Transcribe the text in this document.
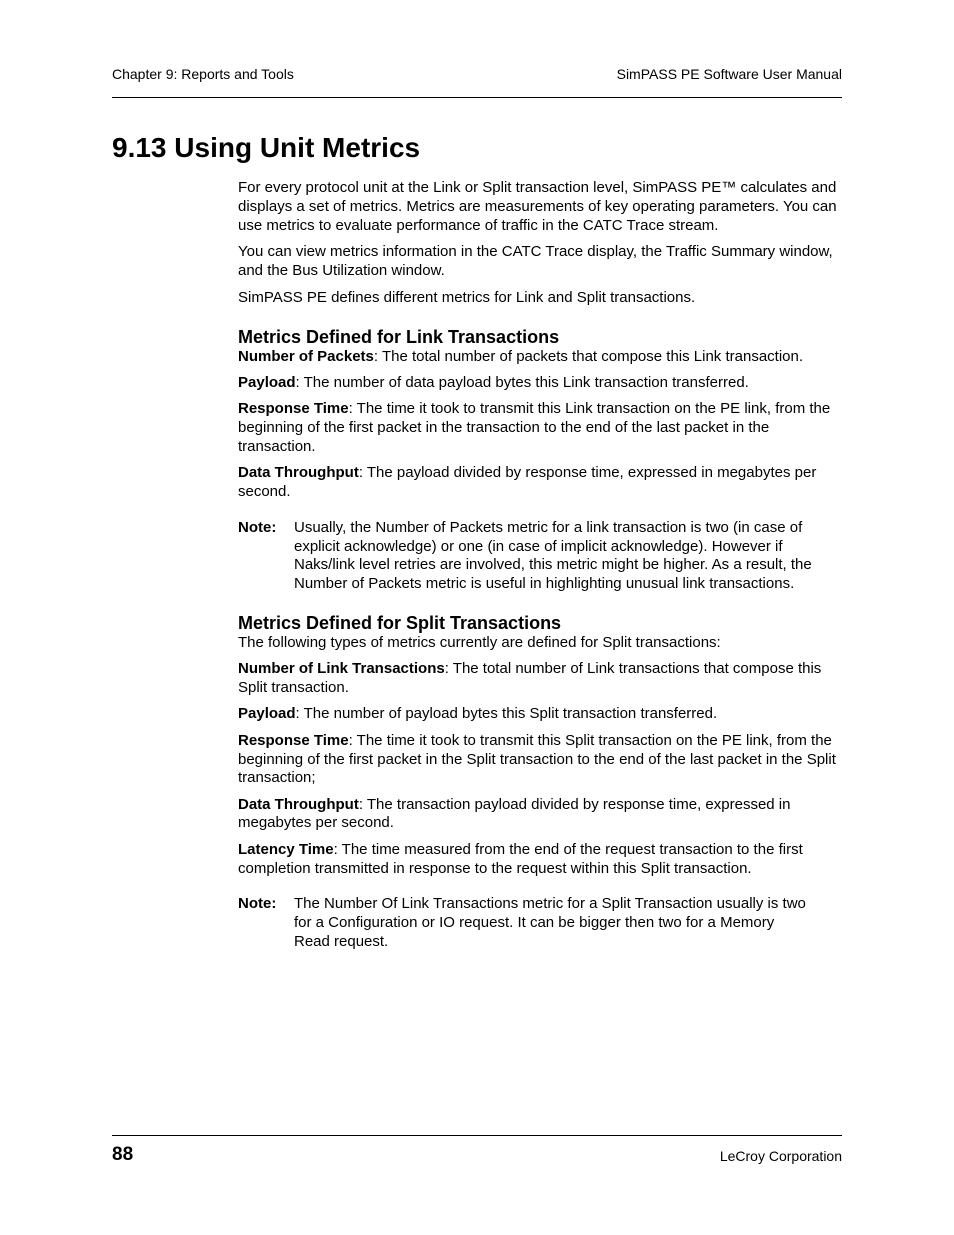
Chapter 9: Reports and Tools	SimPASS PE Software User Manual
9.13 Using Unit Metrics

For every protocol unit at the Link or Split transaction level, SimPASS PE™ calculates and displays a set of metrics. Metrics are measurements of key operating parameters. You can use metrics to evaluate performance of traffic in the CATC Trace stream.

You can view metrics information in the CATC Trace display, the Traffic Summary window, and the Bus Utilization window.

SimPASS PE defines different metrics for Link and Split transactions.

Metrics Defined for Link Transactions

Number of Packets: The total number of packets that compose this Link transaction.

Payload: The number of data payload bytes this Link transaction transferred.

Response Time: The time it took to transmit this Link transaction on the PE link, from the beginning of the first packet in the transaction to the end of the last packet in the transaction.

Data Throughput: The payload divided by response time, expressed in megabytes per second.

Note:	Usually, the Number of Packets metric for a link transaction is two (in case of explicit acknowledge) or one (in case of implicit acknowledge). However if Naks/link level retries are involved, this metric might be higher. As a result, the Number of Packets metric is useful in highlighting unusual link transactions.
Metrics Defined for Split Transactions

The following types of metrics currently are defined for Split transactions:

Number of Link Transactions: The total number of Link transactions that compose this Split transaction.

Payload: The number of payload bytes this Split transaction transferred.

Response Time: The time it took to transmit this Split transaction on the PE link, from the beginning of the first packet in the Split transaction to the end of the last packet in the Split transaction;

Data Throughput: The transaction payload divided by response time, expressed in megabytes per second.

Latency Time: The time measured from the end of the request transaction to the first completion transmitted in response to the request within this Split transaction.

Note:	The Number Of Link Transactions metric for a Split Transaction usually is two for a Configuration or IO request. It can be bigger then two for a Memory Read request.
88	LeCroy Corporation
